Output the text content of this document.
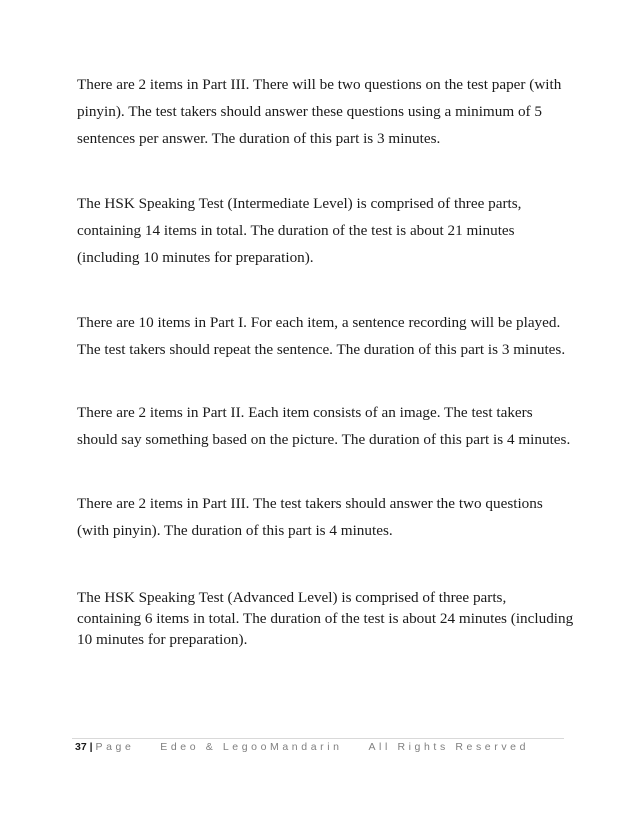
There are 2 items in Part III. There will be two questions on the test paper (with
pinyin). The test takers should answer these questions using a minimum of 5
sentences per answer. The duration of this part is 3 minutes.

The HSK Speaking Test (Intermediate Level) is comprised of three parts,
containing 14 items in total. The duration of the test is about 21 minutes
(including 10 minutes for preparation).

There are 10 items in Part I. For each item, a sentence recording will be played.
The test takers should repeat the sentence. The duration of this part is 3 minutes.

There are 2 items in Part II. Each item consists of an image. The test takers
should say something based on the picture. The duration of this part is 4 minutes.

There are 2 items in Part III. The test takers should answer the two questions
(with pinyin). The duration of this part is 4 minutes.

The HSK Speaking Test (Advanced Level) is comprised of three parts,
containing 6 items in total. The duration of the test is about 24 minutes (including
10 minutes for preparation).

37 | Page Edeo & LegooMandarin All Rights Reserved
